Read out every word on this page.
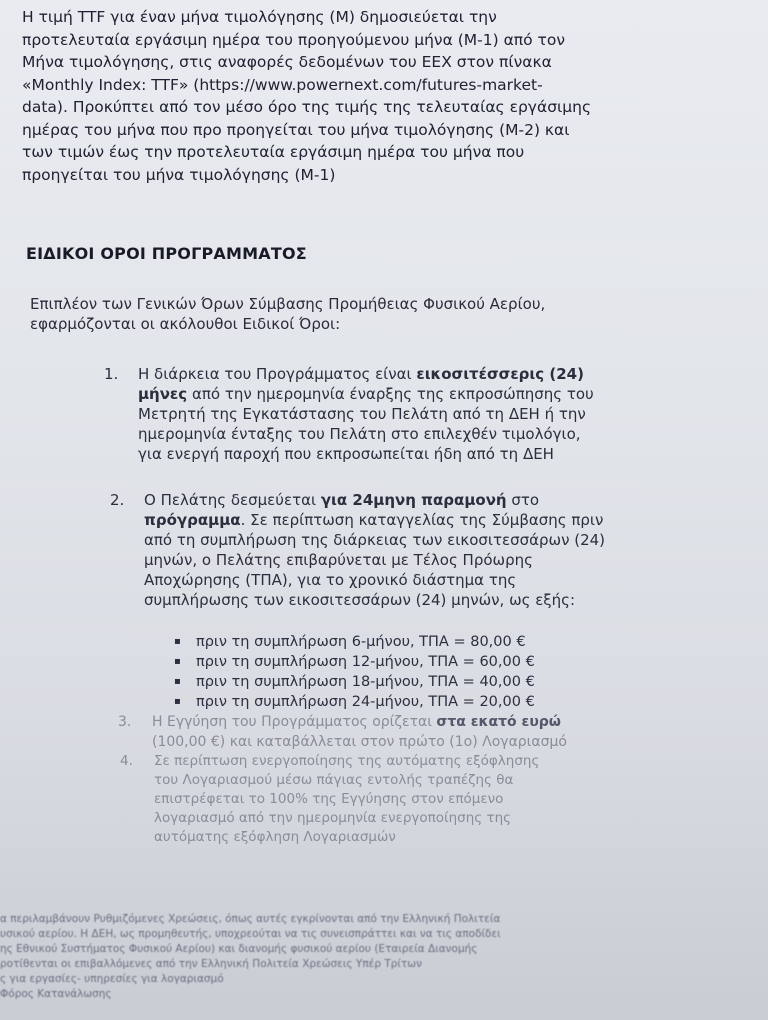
Η τιμή TTF για έναν μήνα τιμολόγησης (Μ) δημοσιεύεται την
προτελευταία εργάσιμη ημέρα του προηγούμενου μήνα (Μ-1) από τον
Μήνα τιμολόγησης, στις αναφορές δεδομένων του EEX στον πίνακα
«Monthly Index: TTF» (https://www.powernext.com/futures-market-
data). Προκύπτει από τον μέσο όρο της τιμής της τελευταίας εργάσιμης
ημέρας του μήνα που προ προηγείται του μήνα τιμολόγησης (Μ-2) και
των τιμών έως την προτελευταία εργάσιμη ημέρα του μήνα που
προηγείται του μήνα τιμολόγησης (Μ-1)
ΕΙΔΙΚΟΙ ΟΡΟΙ ΠΡΟΓΡΑΜΜΑΤΟΣ
Επιπλέον των Γενικών Όρων Σύμβασης Προμήθειας Φυσικού Αερίου,
εφαρμόζονται οι ακόλουθοι Ειδικοί Όροι:
1. Η διάρκεια του Προγράμματος είναι εικοσιτέσσερις (24)
μήνες από την ημερομηνία έναρξης της εκπροσώπησης του
Μετρητή της Εγκατάστασης του Πελάτη από τη ΔΕΗ ή την
ημερομηνία ένταξης του Πελάτη στο επιλεχθέν τιμολόγιο,
για ενεργή παροχή που εκπροσωπείται ήδη από τη ΔΕΗ
2. Ο Πελάτης δεσμεύεται για 24μηνη παραμονή στο
πρόγραμμα. Σε περίπτωση καταγγελίας της Σύμβασης πριν
από τη συμπλήρωση της διάρκειας των εικοσιτεσσάρων (24)
μηνών, ο Πελάτης επιβαρύνεται με Τέλος Πρόωρης
Αποχώρησης (ΤΠΑ), για το χρονικό διάστημα της
συμπλήρωσης των εικοσιτεσσάρων (24) μηνών, ως εξής:
▪ πριν τη συμπλήρωση 6-μήνου, ΤΠΑ = 80,00 €
▪ πριν τη συμπλήρωση 12-μήνου, ΤΠΑ = 60,00 €
▪ πριν τη συμπλήρωση 18-μήνου, ΤΠΑ = 40,00 €
▪ πριν τη συμπλήρωση 24-μήνου, ΤΠΑ = 20,00 €
3. Η Εγγύηση του Προγράμματος ορίζεται στα εκατό ευρώ
(100,00 €) και καταβάλλεται στον πρώτο (1ο) Λογαριασμό
4. Σε περίπτωση ενεργοποίησης της αυτόματης εξόφλησης
του Λογαριασμού μέσω πάγιας εντολής τραπέζης θα
επιστρέφεται το 100% της Εγγύησης στον επόμενο
λογαριασμό από την ημερομηνία ενεργοποίησης της
αυτόματης εξόφληση Λογαριασμών
α περιλαμβάνουν Ρυθμιζόμενες Χρεώσεις, όπως αυτές εγκρίνονται από την Ελληνική Πολιτεία
υσικού αερίου. Η ΔΕΗ, ως προμηθευτής, υποχρεούται να τις συνεισπράττει και να τις αποδίδει
ης Εθνικού Συστήματος Φυσικού Αερίου) και διανομής φυσικού αερίου (Εταιρεία Διανομής
ροτίθενται οι επιβαλλόμενες από την Ελληνική Πολιτεία Χρεώσεις Υπέρ Τρίτων
ς για εργασίες- υπηρεσίες για λογαριασμό
Φόρος Κατανάλωσης
